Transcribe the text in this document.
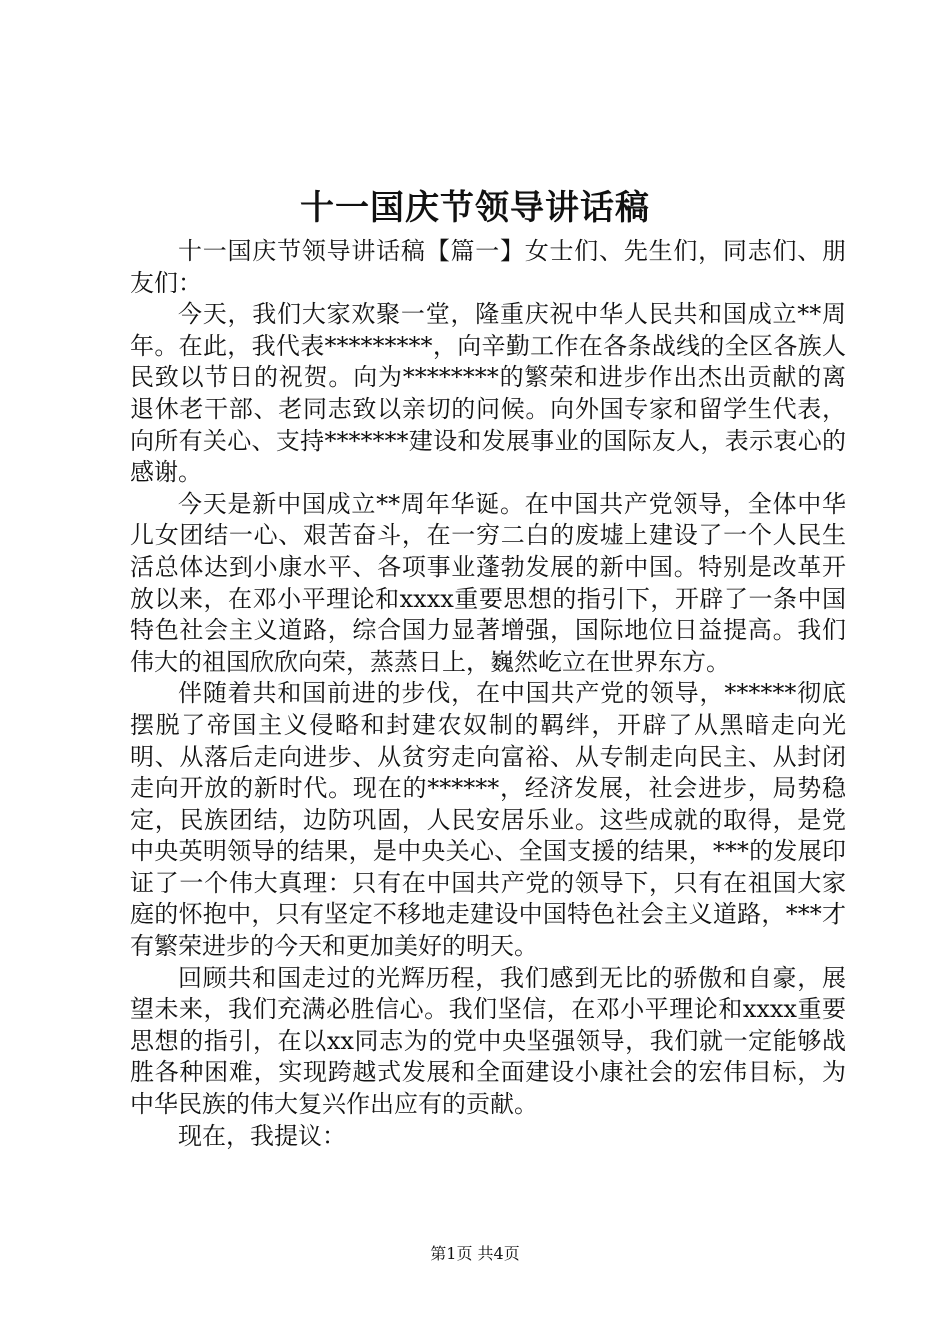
十一国庆节领导讲话稿

十一国庆节领导讲话稿【篇一】女士们、先生们，同志们、朋友们：

今天，我们大家欢聚一堂，隆重庆祝中华人民共和国成立**周年。在此，我代表*********，向辛勤工作在各条战线的全区各族人民致以节日的祝贺。向为********的繁荣和进步作出杰出贡献的离退休老干部、老同志致以亲切的问候。向外国专家和留学生代表，向所有关心、支持*******建设和发展事业的国际友人，表示衷心的感谢。

今天是新中国成立**周年华诞。在中国共产党领导，全体中华儿女团结一心、艰苦奋斗，在一穷二白的废墟上建设了一个人民生活总体达到小康水平、各项事业蓬勃发展的新中国。特别是改革开放以来，在邓小平理论和xxxx重要思想的指引下，开辟了一条中国特色社会主义道路，综合国力显著增强，国际地位日益提高。我们伟大的祖国欣欣向荣，蒸蒸日上，巍然屹立在世界东方。

伴随着共和国前进的步伐，在中国共产党的领导，******彻底摆脱了帝国主义侵略和封建农奴制的羁绊，开辟了从黑暗走向光明、从落后走向进步、从贫穷走向富裕、从专制走向民主、从封闭走向开放的新时代。现在的******，经济发展，社会进步，局势稳定，民族团结，边防巩固，人民安居乐业。这些成就的取得，是党中央英明领导的结果，是中央关心、全国支援的结果，***的发展印证了一个伟大真理：只有在中国共产党的领导下，只有在祖国大家庭的怀抱中，只有坚定不移地走建设中国特色社会主义道路，***才有繁荣进步的今天和更加美好的明天。

回顾共和国走过的光辉历程，我们感到无比的骄傲和自豪，展望未来，我们充满必胜信心。我们坚信，在邓小平理论和xxxx重要思想的指引，在以xx同志为的党中央坚强领导，我们就一定能够战胜各种困难，实现跨越式发展和全面建设小康社会的宏伟目标，为中华民族的伟大复兴作出应有的贡献。

现在，我提议：

第1页 共4页
